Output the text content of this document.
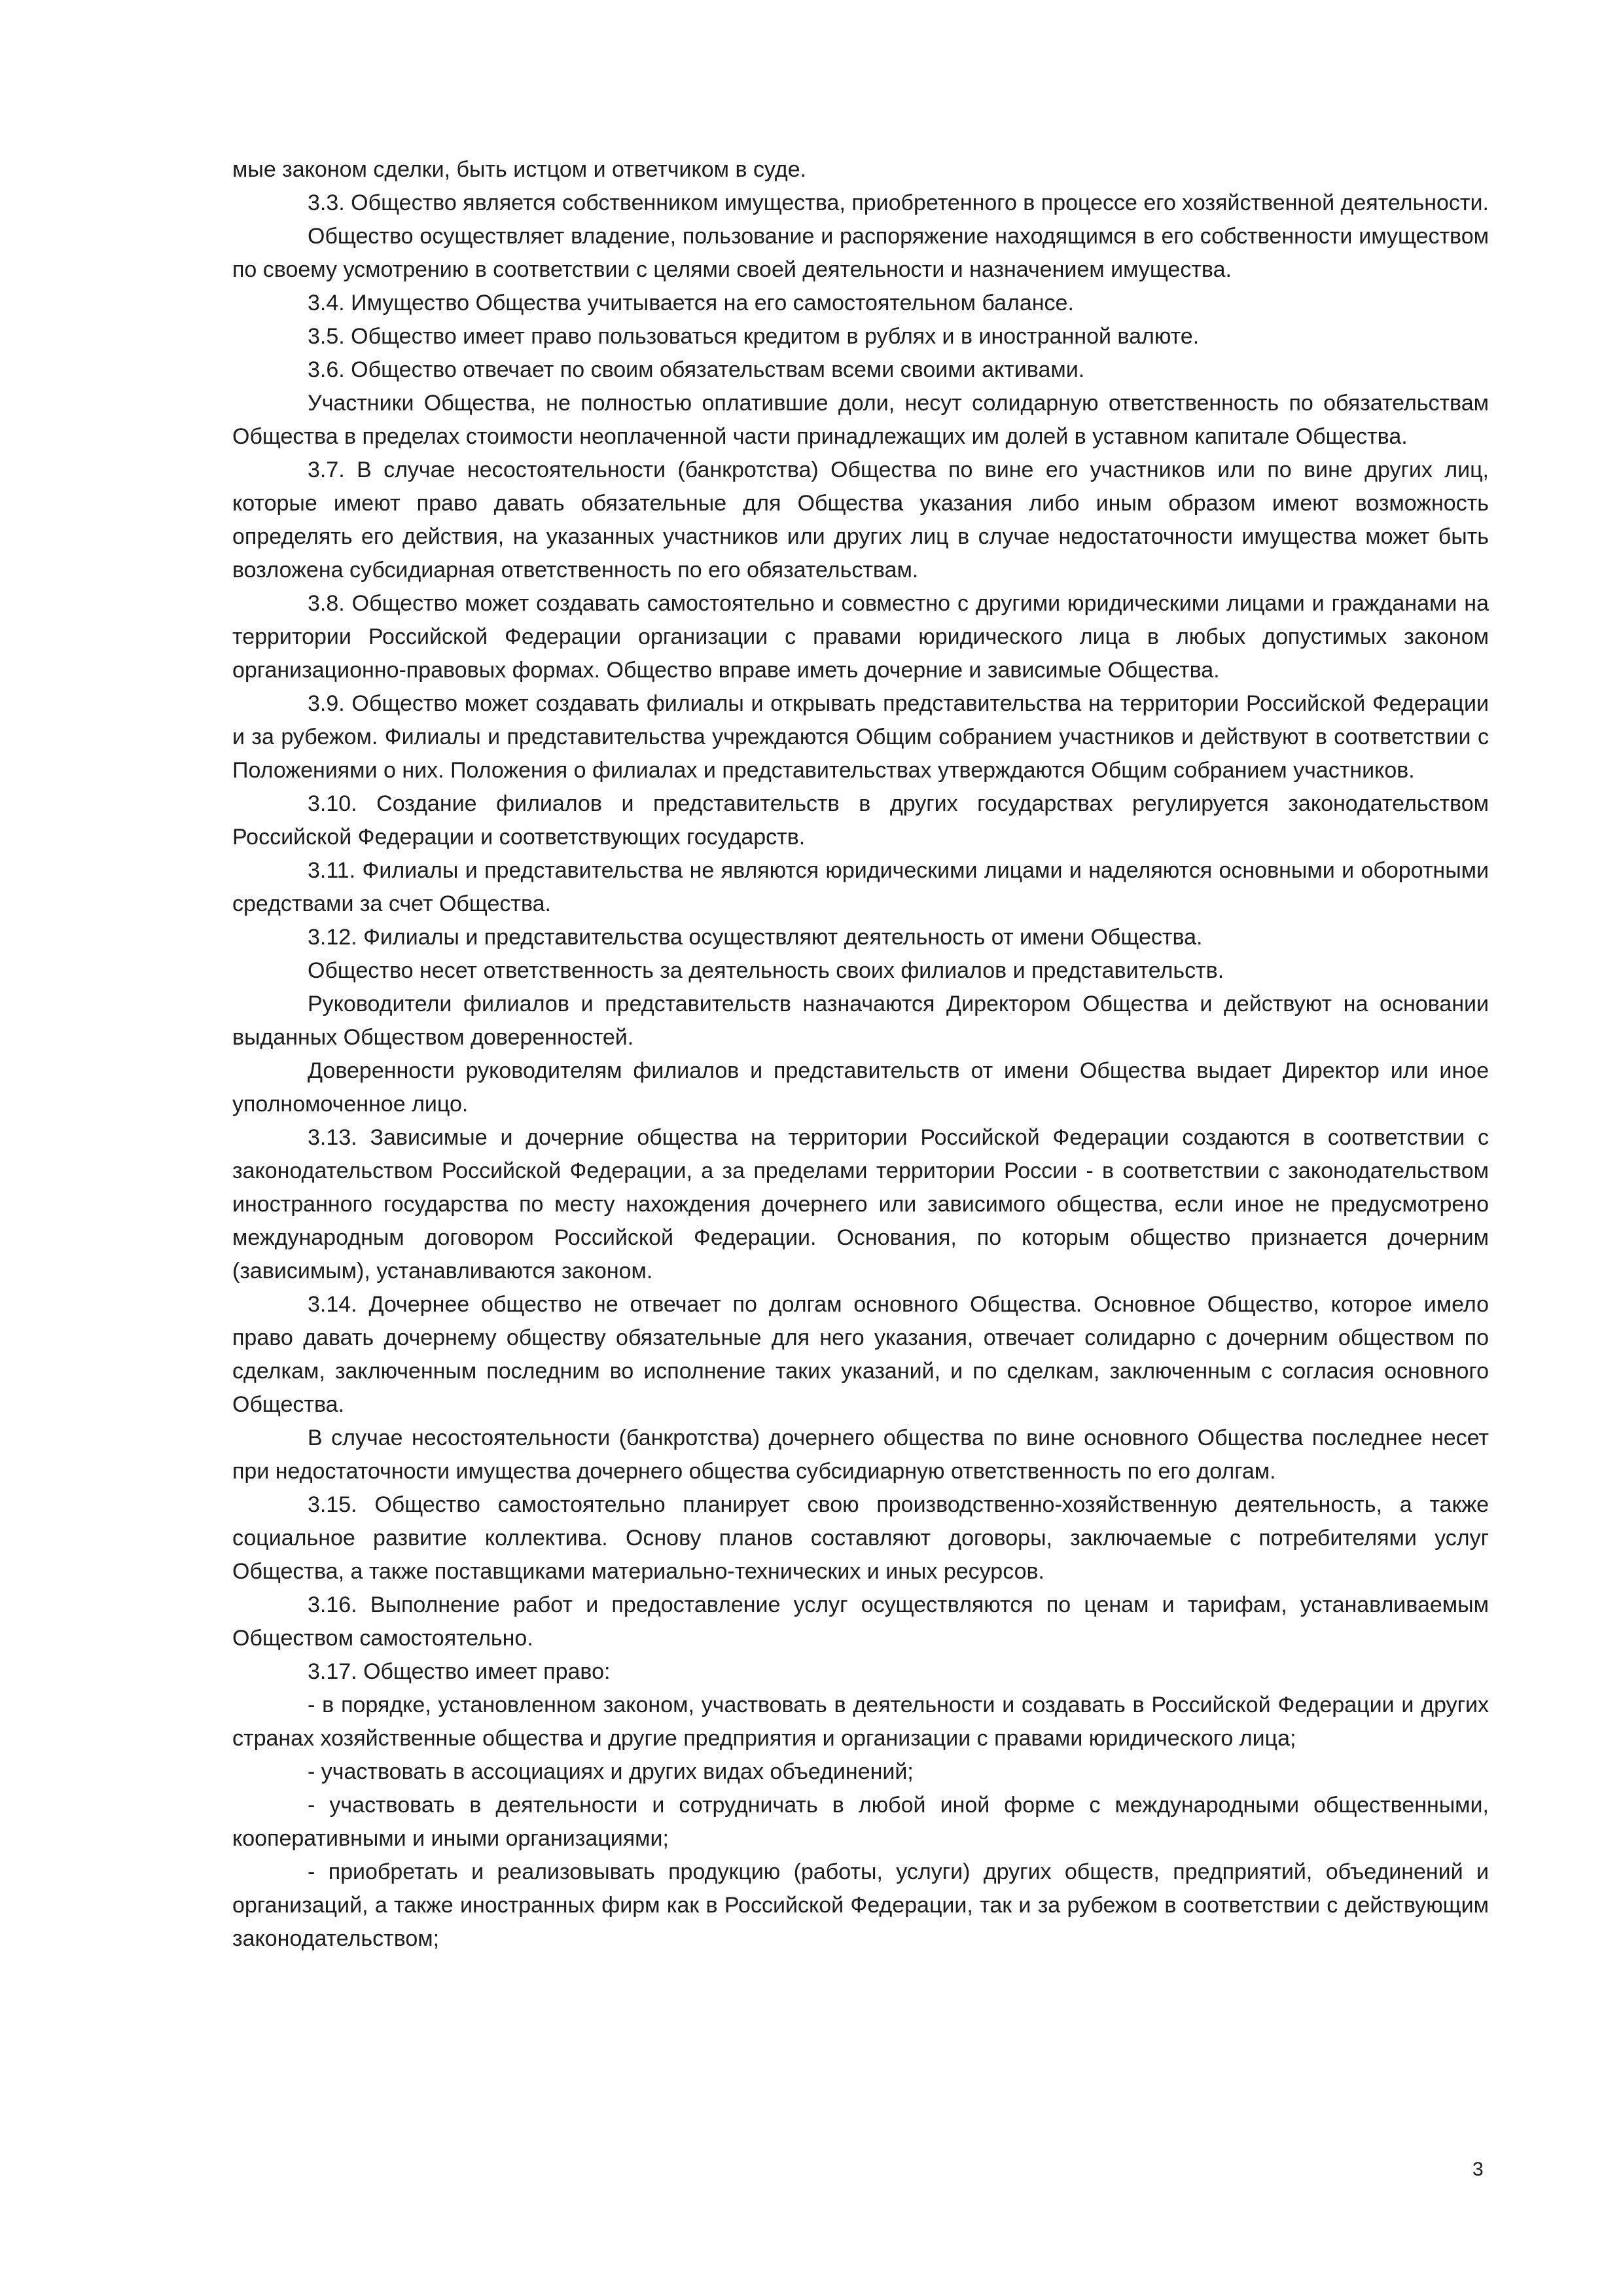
мые законом сделки, быть истцом и ответчиком в суде.

3.3. Общество является собственником имущества, приобретенного в процессе его хозяйственной деятельности.

Общество осуществляет владение, пользование и распоряжение находящимся в его собственности имуществом по своему усмотрению в соответствии с целями своей деятельности и назначением имущества.

3.4. Имущество Общества учитывается на его самостоятельном балансе.

3.5. Общество имеет право пользоваться кредитом в рублях и в иностранной валюте.

3.6. Общество отвечает по своим обязательствам всеми своими активами.

Участники Общества, не полностью оплатившие доли, несут солидарную ответственность по обязательствам Общества в пределах стоимости неоплаченной части принадлежащих им долей в уставном капитале Общества.

3.7. В случае несостоятельности (банкротства) Общества по вине его участников или по вине других лиц, которые имеют право давать обязательные для Общества указания либо иным образом имеют возможность определять его действия, на указанных участников или других лиц в случае недостаточности имущества может быть возложена субсидиарная ответственность по его обязательствам.

3.8. Общество может создавать самостоятельно и совместно с другими юридическими лицами и гражданами на территории Российской Федерации организации с правами юридического лица в любых допустимых законом организационно-правовых формах. Общество вправе иметь дочерние и зависимые Общества.

3.9. Общество может создавать филиалы и открывать представительства на территории Российской Федерации и за рубежом. Филиалы и представительства учреждаются Общим собранием участников и действуют в соответствии с Положениями о них. Положения о филиалах и представительствах утверждаются Общим собранием участников.

3.10. Создание филиалов и представительств в других государствах регулируется законодательством Российской Федерации и соответствующих государств.

3.11. Филиалы и представительства не являются юридическими лицами и наделяются основными и оборотными средствами за счет Общества.

3.12. Филиалы и представительства осуществляют деятельность от имени Общества.

Общество несет ответственность за деятельность своих филиалов и представительств.

Руководители филиалов и представительств назначаются Директором Общества и действуют на основании выданных Обществом доверенностей.

Доверенности руководителям филиалов и представительств от имени Общества выдает Директор или иное уполномоченное лицо.

3.13. Зависимые и дочерние общества на территории Российской Федерации создаются в соответствии с законодательством Российской Федерации, а за пределами территории России - в соответствии с законодательством иностранного государства по месту нахождения дочернего или зависимого общества, если иное не предусмотрено международным договором Российской Федерации. Основания, по которым общество признается дочерним (зависимым), устанавливаются законом.

3.14. Дочернее общество не отвечает по долгам основного Общества. Основное Общество, которое имело право давать дочернему обществу обязательные для него указания, отвечает солидарно с дочерним обществом по сделкам, заключенным последним во исполнение таких указаний, и по сделкам, заключенным с согласия основного Общества.

В случае несостоятельности (банкротства) дочернего общества по вине основного Общества последнее несет при недостаточности имущества дочернего общества субсидиарную ответственность по его долгам.

3.15. Общество самостоятельно планирует свою производственно-хозяйственную деятельность, а также социальное развитие коллектива. Основу планов составляют договоры, заключаемые с потребителями услуг Общества, а также поставщиками материально-технических и иных ресурсов.

3.16. Выполнение работ и предоставление услуг осуществляются по ценам и тарифам, устанавливаемым Обществом самостоятельно.

3.17. Общество имеет право:

- в порядке, установленном законом, участвовать в деятельности и создавать в Российской Федерации и других странах хозяйственные общества и другие предприятия и организации с правами юридического лица;

- участвовать в ассоциациях и других видах объединений;

- участвовать в деятельности и сотрудничать в любой иной форме с международными общественными, кооперативными и иными организациями;

- приобретать и реализовывать продукцию (работы, услуги) других обществ, предприятий, объединений и организаций, а также иностранных фирм как в Российской Федерации, так и за рубежом в соответствии с действующим законодательством;

3
